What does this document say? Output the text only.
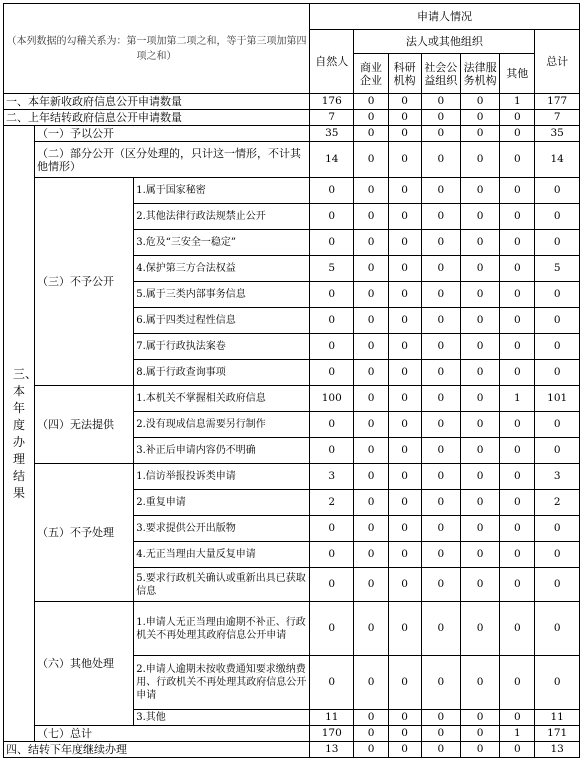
（本列数据的勾稽关系为：第一项加第二项之和，等于第三项加第四项之和）			申请人情况						
			自然人	法人或其他组织					总计
				商业企业	科研机构	社会公益组织	法律服务机构	其他	
一、本年新收政府信息公开申请数量			176	0	0	0	0	1	177
二、上年结转政府信息公开申请数量			7	0	0	0	0	0	7
三、本年度办理结果	（一）予以公开		35	0	0	0	0	0	35
	（二）部分公开（区分处理的，只计这一情形，不计其他情形）		14	0	0	0	0	0	14
	（三）不予公开	1.属于国家秘密	0	0	0	0	0	0	0
		2.其他法律行政法规禁止公开	0	0	0	0	0	0	0
		3.危及“三安全一稳定”	0	0	0	0	0	0	0
		4.保护第三方合法权益	5	0	0	0	0	0	5
		5.属于三类内部事务信息	0	0	0	0	0	0	0
		6.属于四类过程性信息	0	0	0	0	0	0	0
		7.属于行政执法案卷	0	0	0	0	0	0	0
		8.属于行政查询事项	0	0	0	0	0	0	0
	（四）无法提供	1.本机关不掌握相关政府信息	100	0	0	0	0	1	101
		2.没有现成信息需要另行制作	0	0	0	0	0	0	0
		3.补正后申请内容仍不明确	0	0	0	0	0	0	0
	（五）不予处理	1.信访举报投诉类申请	3	0	0	0	0	0	3
		2.重复申请	2	0	0	0	0	0	2
		3.要求提供公开出版物	0	0	0	0	0	0	0
		4.无正当理由大量反复申请	0	0	0	0	0	0	0
		5.要求行政机关确认或重新出具已获取信息	0	0	0	0	0	0	0
	（六）其他处理	1.申请人无正当理由逾期不补正、行政机关不再处理其政府信息公开申请	0	0	0	0	0	0	0
		2.申请人逾期未按收费通知要求缴纳费用、行政机关不再处理其政府信息公开申请	0	0	0	0	0	0	0
		3.其他	11	0	0	0	0	0	11
	（七）总计		170	0	0	0	0	1	171
四、结转下年度继续办理			13	0	0	0	0	0	13
